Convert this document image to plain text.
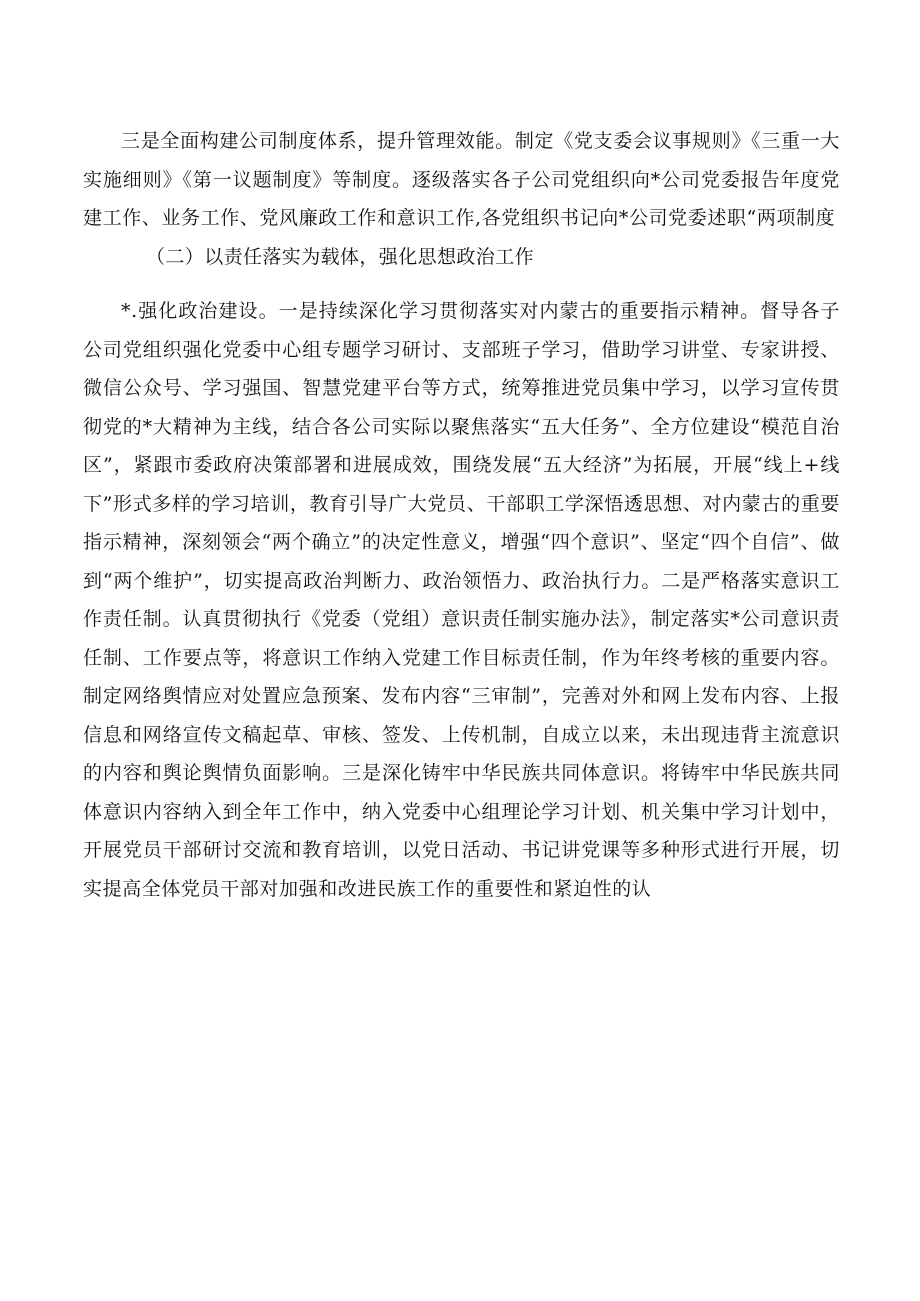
三是全面构建公司制度体系，提升管理效能。制定《党支委会议事规则》《三重一大实施细则》《第一议题制度》等制度。逐级落实各子公司党组织向*公司党委报告年度党建工作、业务工作、党风廉政工作和意识工作,各党组织书记向*公司党委述职“两项制度

（二）以责任落实为载体，强化思想政治工作

*.强化政治建设。一是持续深化学习贯彻落实对内蒙古的重要指示精神。督导各子公司党组织强化党委中心组专题学习研讨、支部班子学习，借助学习讲堂、专家讲授、微信公众号、学习强国、智慧党建平台等方式，统筹推进党员集中学习，以学习宣传贯彻党的*大精神为主线，结合各公司实际以聚焦落实“五大任务”、全方位建设“模范自治区”，紧跟市委政府决策部署和进展成效，围绕发展“五大经济”为拓展，开展“线上+线下”形式多样的学习培训，教育引导广大党员、干部职工学深悟透思想、对内蒙古的重要指示精神，深刻领会“两个确立”的决定性意义，增强“四个意识”、坚定“四个自信”、做到“两个维护”，切实提高政治判断力、政治领悟力、政治执行力。二是严格落实意识工作责任制。认真贯彻执行《党委（党组）意识责任制实施办法》，制定落实*公司意识责任制、工作要点等，将意识工作纳入党建工作目标责任制，作为年终考核的重要内容。制定网络舆情应对处置应急预案、发布内容“三审制”，完善对外和网上发布内容、上报信息和网络宣传文稿起草、审核、签发、上传机制，自成立以来，未出现违背主流意识的内容和舆论舆情负面影响。三是深化铸牢中华民族共同体意识。将铸牢中华民族共同体意识内容纳入到全年工作中，纳入党委中心组理论学习计划、机关集中学习计划中，开展党员干部研讨交流和教育培训，以党日活动、书记讲党课等多种形式进行开展，切实提高全体党员干部对加强和改进民族工作的重要性和紧迫性的认
